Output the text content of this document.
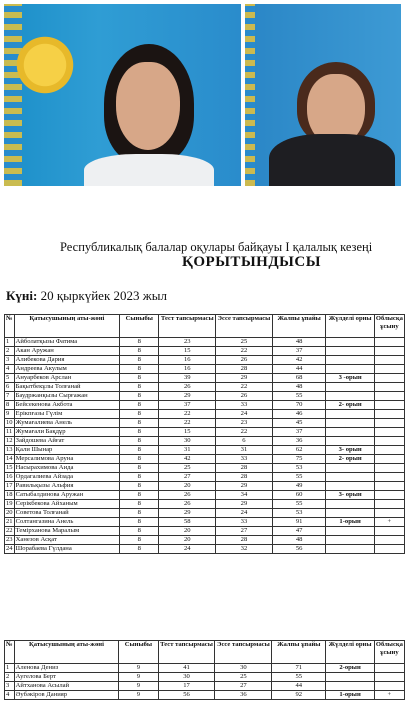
Республикалық балалар оқулары байқауы І қалалық кезеңі
ҚОРЫТЫНДЫСЫ
Күні: 20 қыркүйек 2023 жыл
№	Қатысушының аты-жөні	Сыныбы	Тест тапсырмасы	Эссе тапсырмасы	Жалпы ұпайы	Жүлделі орны	Облысқа ұсыну
1	Айболатқызы Фатима	8	23	25	48		
2	Акан Аружан	8	15	22	37		
3	Алибекова Дария	8	16	26	42		
4	Андреева Акулым	8	16	28	44		
5	Ануарбеков Арслан	8	39	29	68	3 -орын	
6	Бақытбекұлы Толғанай	8	26	22	48		
7	Баудржанқызы Сырғажан	8	29	26	55		
8	Бейсекенова Акбота	8	37	33	70	2- орын	
9	Ерікпғазы Гүлім	8	22	24	46		
10	Жумағалиева Анель	8	22	23	45		
11	Жумағали Бақдұр	8	15	22	37		
12	Зайдошева Айғат	8	30	6	36		
13	Қали Шынар	8	31	31	62	3- орын	
14	Мерсалимова Аруна	8	42	33	75	2- орын	
15	Насырахимова Аида	8	25	28	53		
16	Ордагалиева Айзада	8	27	28	55		
17	Равильқызы Альфия	8	20	29	49		
18	Сатыбалдинова Аружан	8	26	34	60	3- орын	
19	Серікбекова Айханым	8	26	29	55		
20	Советова Толғанай	8	29	24	53		
21	Солтангазина Анель	8	58	33	91	1-орын	+
22	Темірханова Маралым	8	20	27	47		
23	Ханезов Асқат	8	20	28	48		
24	Шорабаева Гүлдана	8	24	32	56		
№	Қатысушының аты-жөні	Сыныбы	Тест тапсырмасы	Эссе тапсырмасы	Жалпы ұпайы	Жүлделі орны	Облысқа ұсыну
1	Аленова Дениз	9	41	30	71	2-орын	
2	Аугелова Берт	9	30	25	55		
3	Айтханова Асылай	9	17	27	44		
4	Әубәкіров Данияр	9	56	36	92	1-орын	+
